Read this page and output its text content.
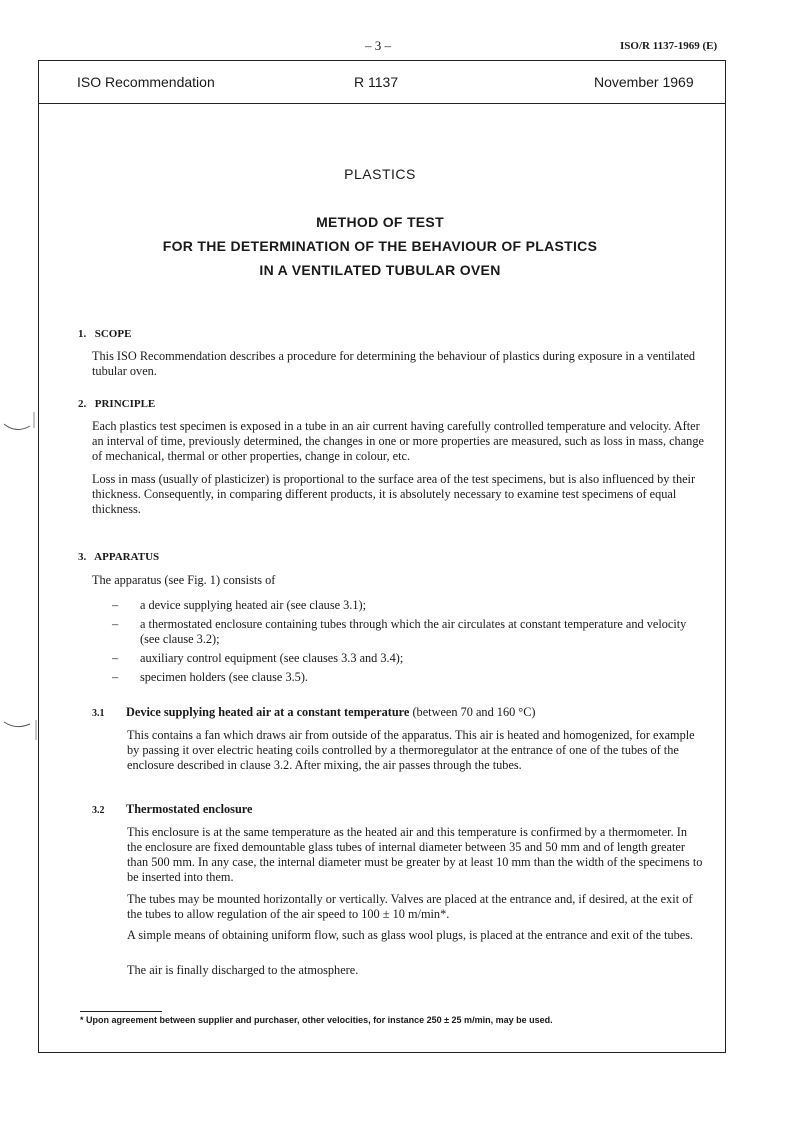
– 3 –	ISO/R 1137-1969 (E)
ISO Recommendation	R 1137	November 1969
PLASTICS
METHOD OF TEST
FOR THE DETERMINATION OF THE BEHAVIOUR OF PLASTICS
IN A VENTILATED TUBULAR OVEN
1. SCOPE
This ISO Recommendation describes a procedure for determining the behaviour of plastics during exposure in a ventilated tubular oven.
2. PRINCIPLE
Each plastics test specimen is exposed in a tube in an air current having carefully controlled temperature and velocity. After an interval of time, previously determined, the changes in one or more properties are measured, such as loss in mass, change of mechanical, thermal or other properties, change in colour, etc.
Loss in mass (usually of plasticizer) is proportional to the surface area of the test specimens, but is also influenced by their thickness. Consequently, in comparing different products, it is absolutely necessary to examine test specimens of equal thickness.
3. APPARATUS
The apparatus (see Fig. 1) consists of
– a device supplying heated air (see clause 3.1);
– a thermostated enclosure containing tubes through which the air circulates at constant temperature and velocity (see clause 3.2);
– auxiliary control equipment (see clauses 3.3 and 3.4);
– specimen holders (see clause 3.5).
3.1 Device supplying heated air at a constant temperature (between 70 and 160 °C)
This contains a fan which draws air from outside of the apparatus. This air is heated and homogenized, for example by passing it over electric heating coils controlled by a thermoregulator at the entrance of one of the tubes of the enclosure described in clause 3.2. After mixing, the air passes through the tubes.
3.2 Thermostated enclosure
This enclosure is at the same temperature as the heated air and this temperature is confirmed by a thermometer. In the enclosure are fixed demountable glass tubes of internal diameter between 35 and 50 mm and of length greater than 500 mm. In any case, the internal diameter must be greater by at least 10 mm than the width of the specimens to be inserted into them.
The tubes may be mounted horizontally or vertically. Valves are placed at the entrance and, if desired, at the exit of the tubes to allow regulation of the air speed to 100 ± 10 m/min*.
A simple means of obtaining uniform flow, such as glass wool plugs, is placed at the entrance and exit of the tubes.
The air is finally discharged to the atmosphere.
* Upon agreement between supplier and purchaser, other velocities, for instance 250 ± 25 m/min, may be used.
